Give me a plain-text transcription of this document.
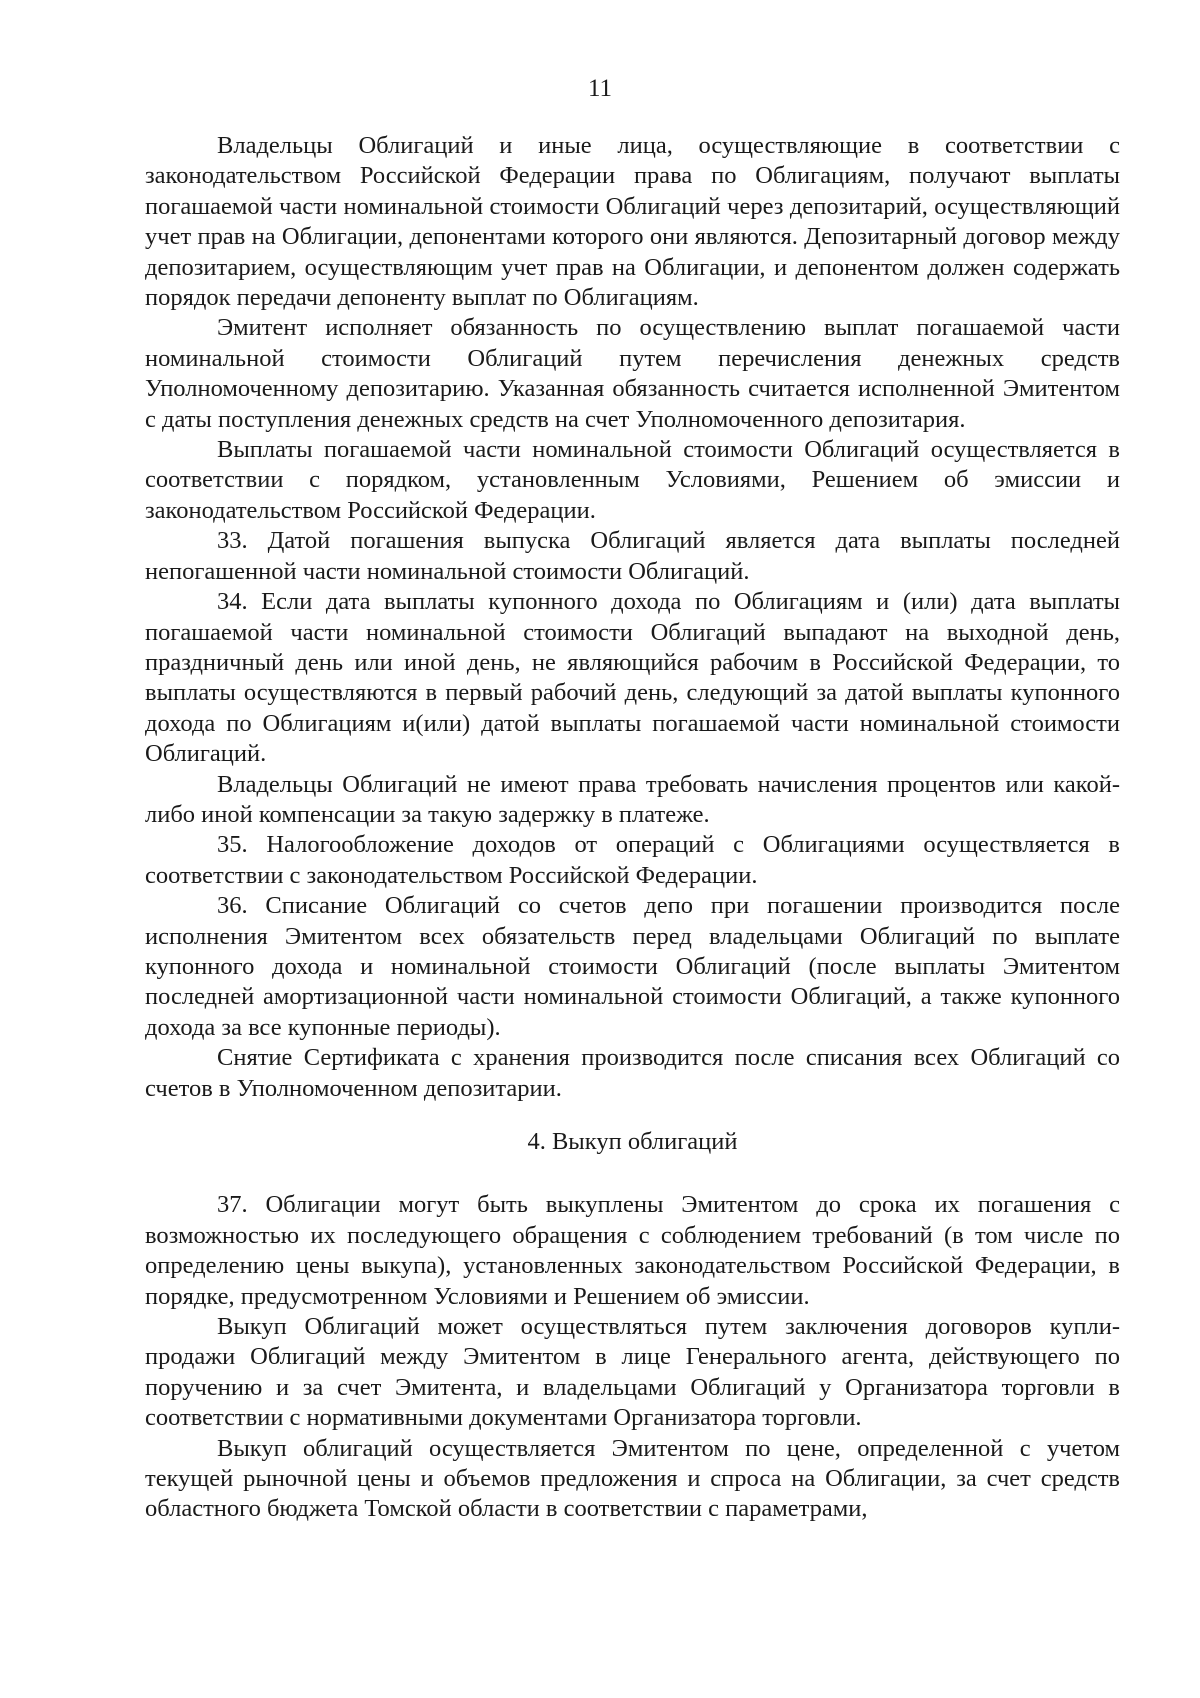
11

Владельцы Облигаций и иные лица, осуществляющие в соответствии с законодательством Российской Федерации права по Облигациям, получают выплаты погашаемой части номинальной стоимости Облигаций через депозитарий, осуществляющий учет прав на Облигации, депонентами которого они являются. Депозитарный договор между депозитарием, осуществляющим учет прав на Облигации, и депонентом должен содержать порядок передачи депоненту выплат по Облигациям.

Эмитент исполняет обязанность по осуществлению выплат погашаемой части номинальной стоимости Облигаций путем перечисления денежных средств Уполномоченному депозитарию. Указанная обязанность считается исполненной Эмитентом с даты поступления денежных средств на счет Уполномоченного депозитария.

Выплаты погашаемой части номинальной стоимости Облигаций осуществляется в соответствии с порядком, установленным Условиями, Решением об эмиссии и законодательством Российской Федерации.

33. Датой погашения выпуска Облигаций является дата выплаты последней непогашенной части номинальной стоимости Облигаций.

34. Если дата выплаты купонного дохода по Облигациям и (или) дата выплаты погашаемой части номинальной стоимости Облигаций выпадают на выходной день, праздничный день или иной день, не являющийся рабочим в Российской Федерации, то выплаты осуществляются в первый рабочий день, следующий за датой выплаты купонного дохода по Облигациям и(или) датой выплаты погашаемой части номинальной стоимости Облигаций.

Владельцы Облигаций не имеют права требовать начисления процентов или какой-либо иной компенсации за такую задержку в платеже.

35. Налогообложение доходов от операций с Облигациями осуществляется в соответствии с законодательством Российской Федерации.

36. Списание Облигаций со счетов депо при погашении производится после исполнения Эмитентом всех обязательств перед владельцами Облигаций по выплате купонного дохода и номинальной стоимости Облигаций (после выплаты Эмитентом последней амортизационной части номинальной стоимости Облигаций, а также купонного дохода за все купонные периоды).

Снятие Сертификата с хранения производится после списания всех Облигаций со счетов в Уполномоченном депозитарии.

4. Выкуп облигаций

37. Облигации могут быть выкуплены Эмитентом до срока их погашения с возможностью их последующего обращения с соблюдением требований (в том числе по определению цены выкупа), установленных законодательством Российской Федерации, в порядке, предусмотренном Условиями и Решением об эмиссии.

Выкуп Облигаций может осуществляться путем заключения договоров купли-продажи Облигаций между Эмитентом в лице Генерального агента, действующего по поручению и за счет Эмитента, и владельцами Облигаций у Организатора торговли в соответствии с нормативными документами Организатора торговли.

Выкуп облигаций осуществляется Эмитентом по цене, определенной с учетом текущей рыночной цены и объемов предложения и спроса на Облигации, за счет средств областного бюджета Томской области в соответствии с параметрами,
